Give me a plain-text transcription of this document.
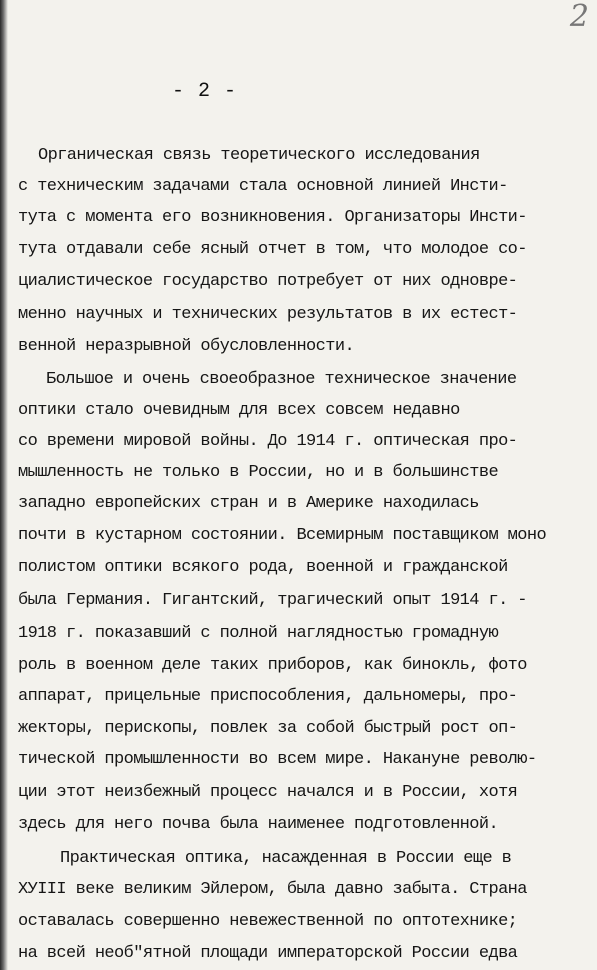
2
- 2 -
Органическая связь теоретического исследования
с техническим задачами стала основной линией Инсти-
тута с момента его возникновения. Организаторы Инсти-
тута отдавали себе ясный отчет в том, что молодое со-
циалистическое государство потребует от них одновре-
менно научных и технических результатов в их естест-
венной неразрывной обусловленности.
Большое и очень своеобразное техническое значение
оптики стало очевидным для всех совсем недавно
со времени мировой войны. До 1914 г. оптическая про-
мышленность не только в России, но и в большинстве
западно европейских стран и в Америке находилась
почти в кустарном состоянии. Всемирным поставщиком моно
полистом оптики всякого рода, военной и гражданской
была Германия. Гигантский, трагический опыт 1914 г. -
1918 г. показавший с полной наглядностью громадную
роль в военном деле таких приборов, как бинокль, фото
аппарат, прицельные приспособления, дальномеры, про-
жекторы, перископы, повлек за собой быстрый рост оп-
тической промышленности во всем мире. Накануне револю-
ции этот неизбежный процесс начался и в России, хотя
здесь для него почва была наименее подготовленной.
Практическая оптика, насажденная в России еще в
ХУIII веке великим Эйлером, была давно забыта. Страна
оставалась совершенно невежественной по оптотехнике;
на всей необ"ятной площади императорской России едва
